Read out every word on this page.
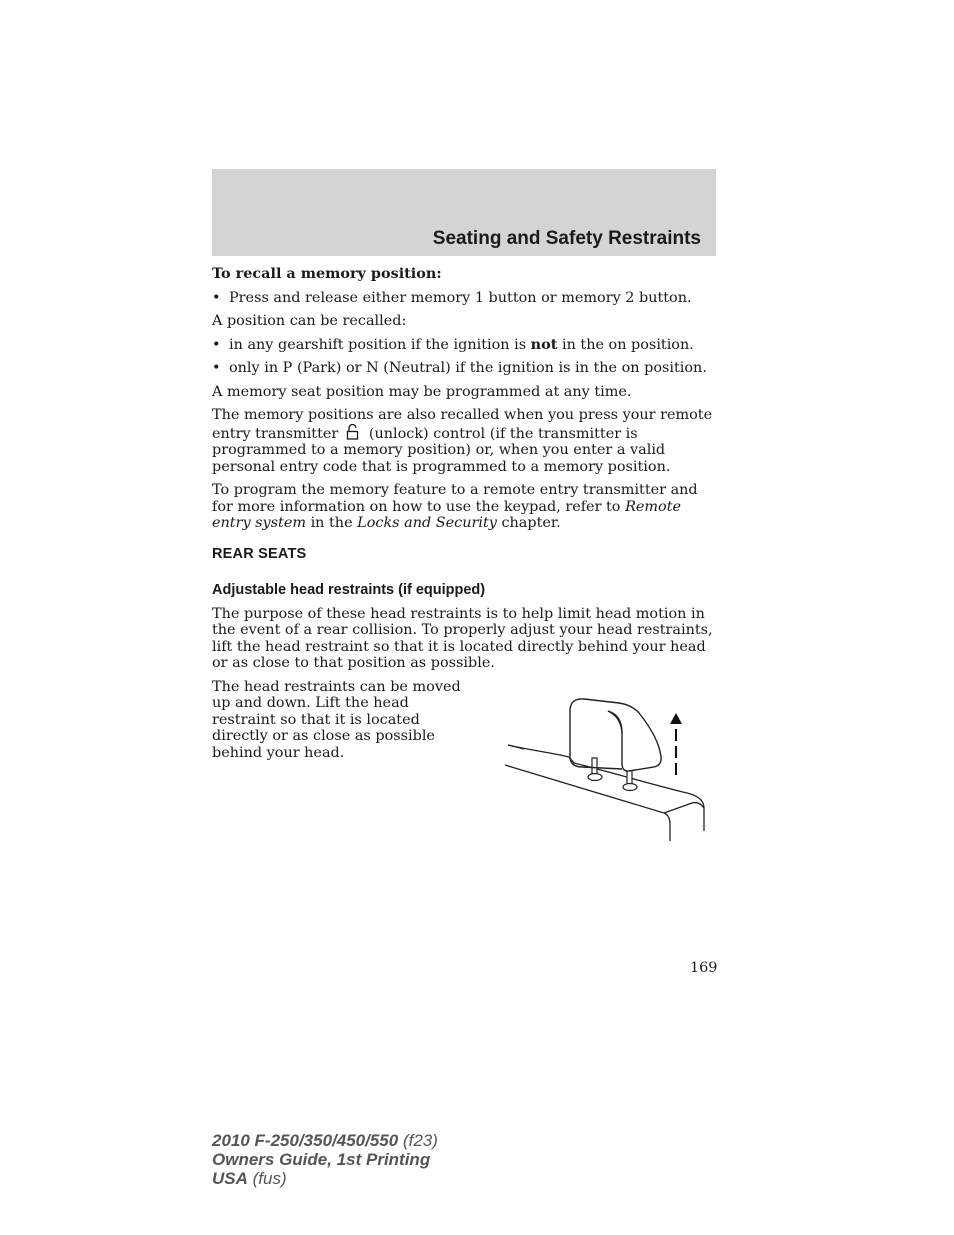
Seating and Safety Restraints

To recall a memory position:

• Press and release either memory 1 button or memory 2 button.

A position can be recalled:

• in any gearshift position if the ignition is not in the on position.
• only in P (Park) or N (Neutral) if the ignition is in the on position.

A memory seat position may be programmed at any time.

The memory positions are also recalled when you press your remote entry transmitter (unlock) control (if the transmitter is programmed to a memory position) or, when you enter a valid personal entry code that is programmed to a memory position.

To program the memory feature to a remote entry transmitter and for more information on how to use the keypad, refer to Remote entry system in the Locks and Security chapter.

REAR SEATS
Adjustable head restraints (if equipped)

The purpose of these head restraints is to help limit head motion in the event of a rear collision. To properly adjust your head restraints, lift the head restraint so that it is located directly behind your head or as close to that position as possible.

The head restraints can be moved up and down. Lift the head restraint so that it is located directly or as close as possible behind your head.

169
2010 F-250/350/450/550 (f23)
Owners Guide, 1st Printing
USA (fus)
